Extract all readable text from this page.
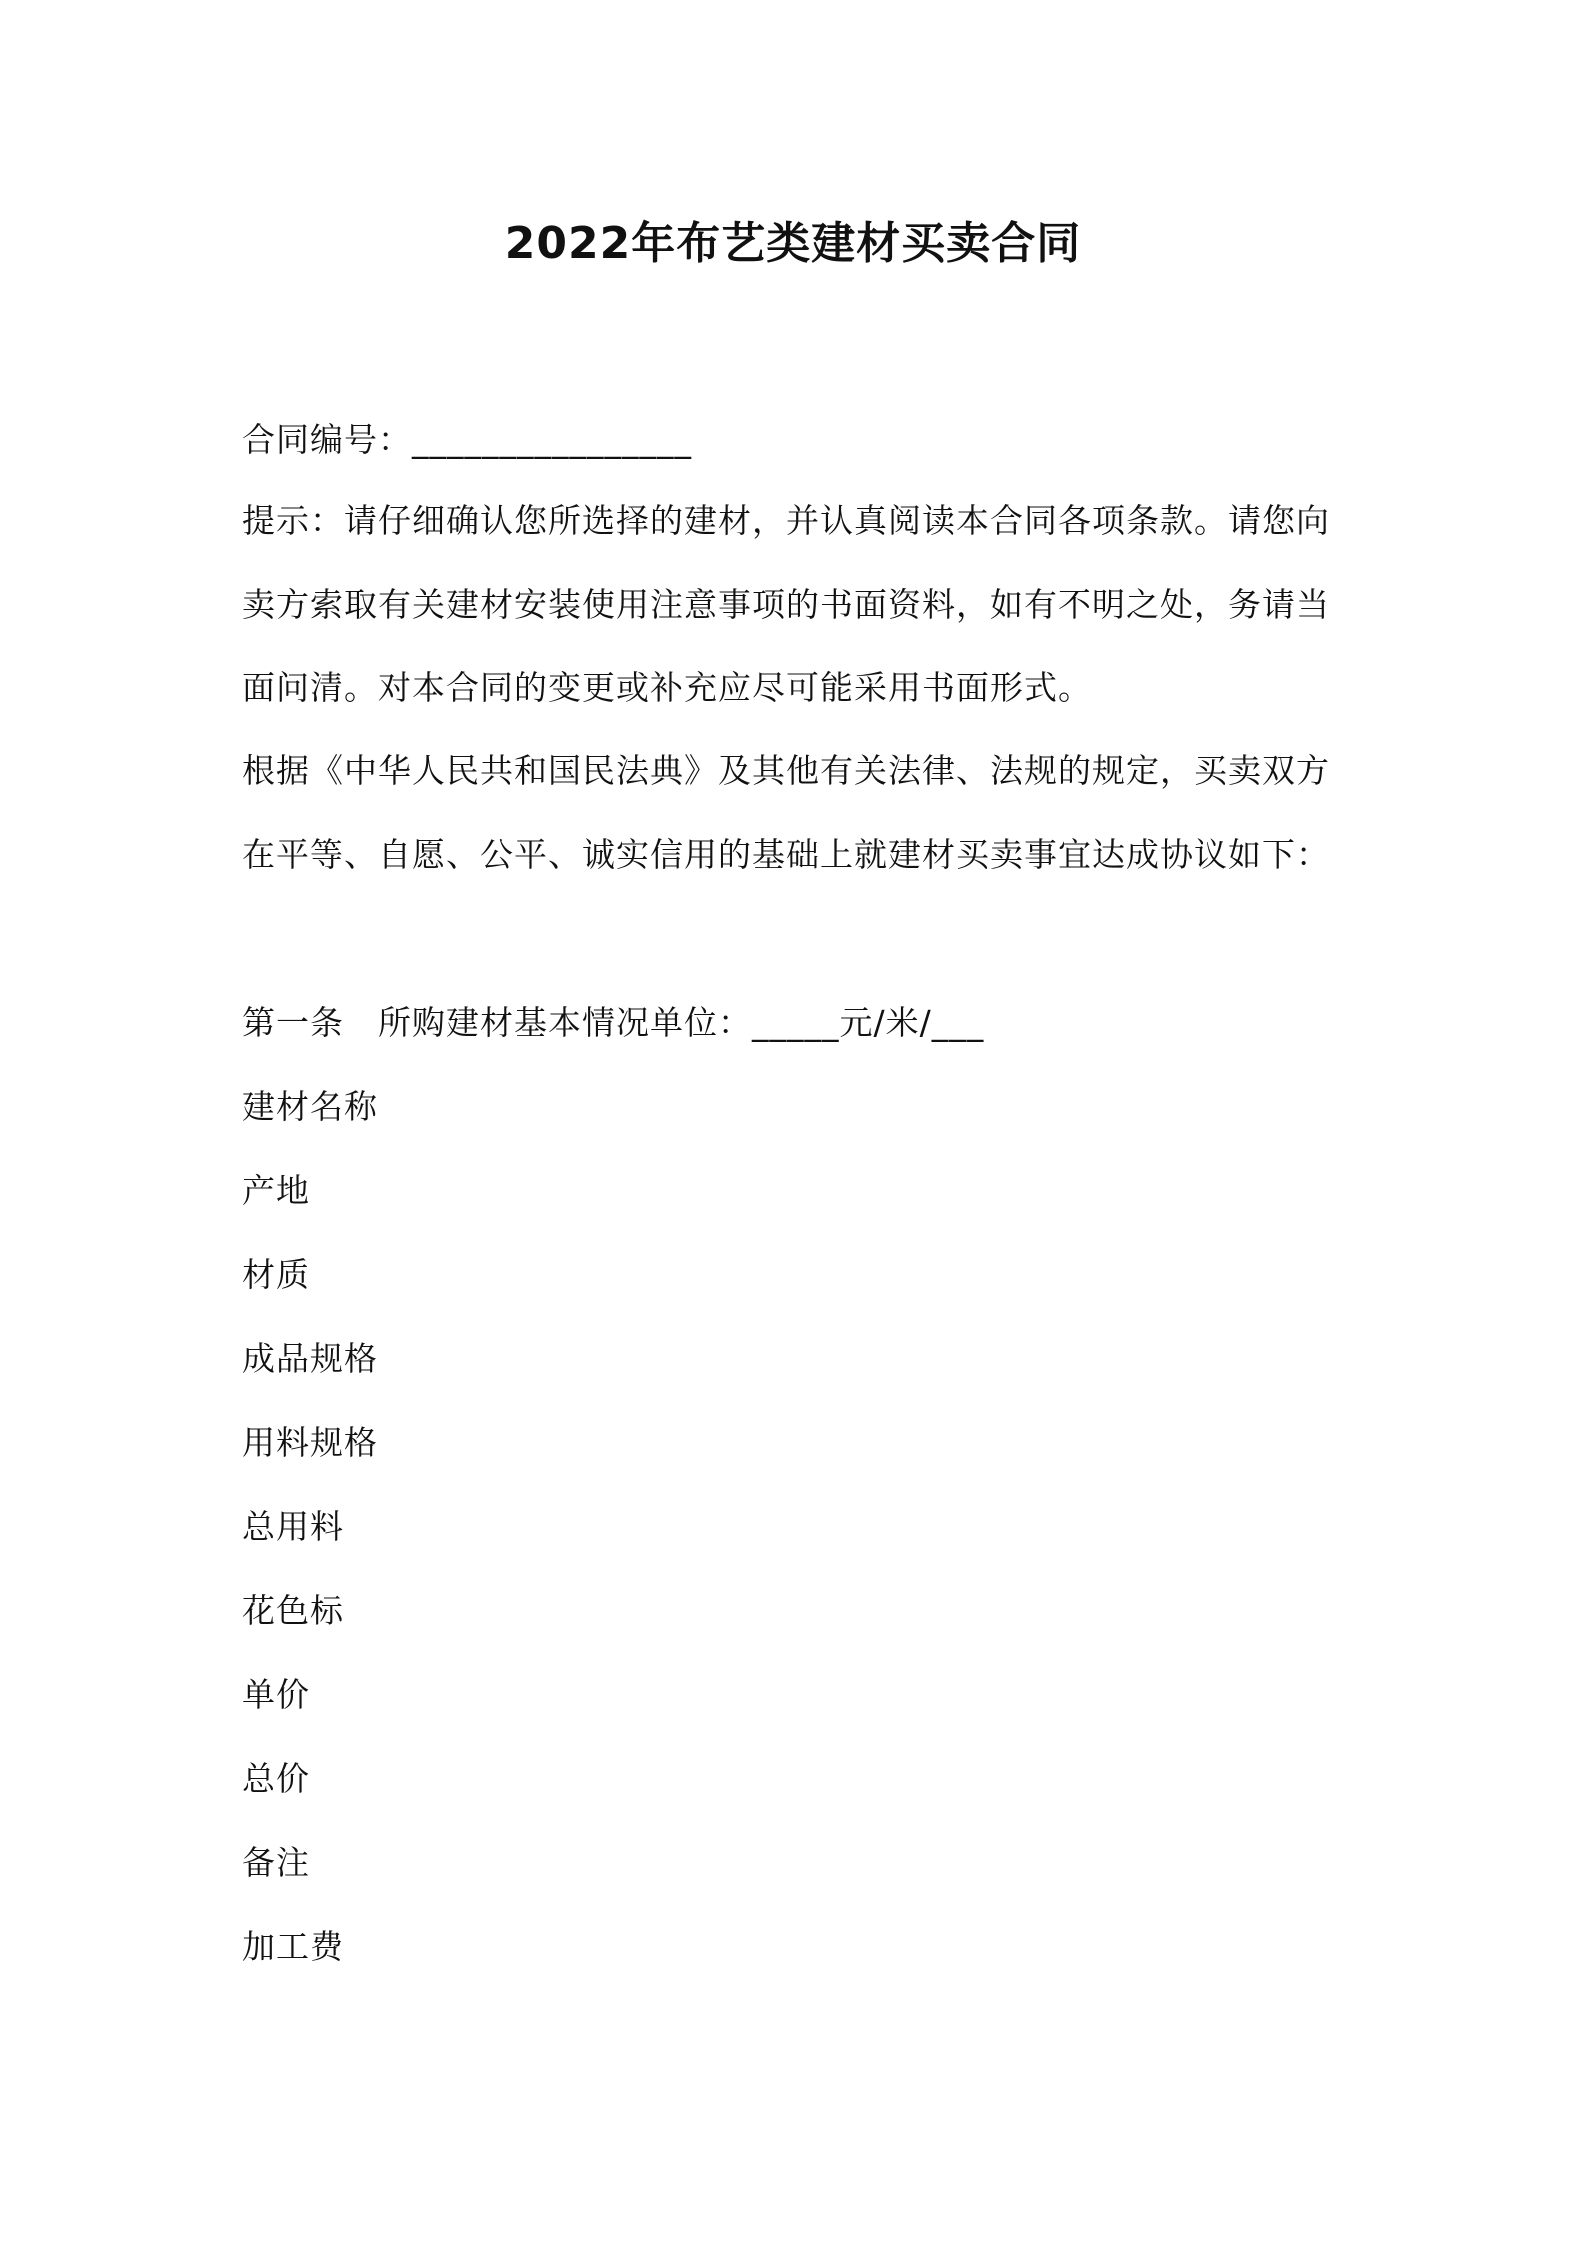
2022年布艺类建材买卖合同
合同编号：________________
提示：请仔细确认您所选择的建材，并认真阅读本合同各项条款。请您向卖方索取有关建材安装使用注意事项的书面资料，如有不明之处，务请当面问清。对本合同的变更或补充应尽可能采用书面形式。
根据《中华人民共和国民法典》及其他有关法律、法规的规定，买卖双方在平等、自愿、公平、诚实信用的基础上就建材买卖事宜达成协议如下：
第一条　所购建材基本情况单位：_____元/米/___
建材名称
产地
材质
成品规格
用料规格
总用料
花色标
单价
总价
备注
加工费
